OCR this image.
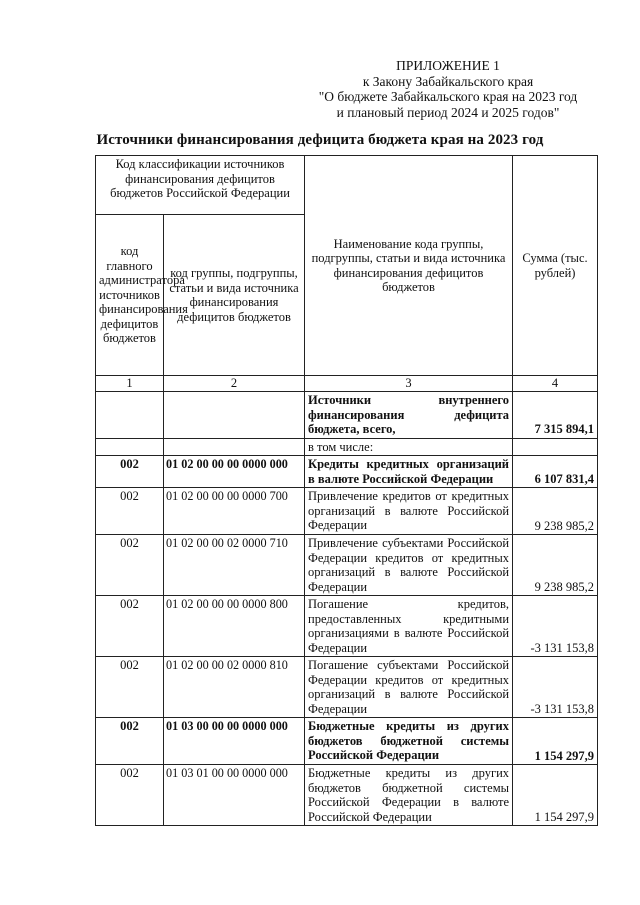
ПРИЛОЖЕНИЕ 1
к Закону Забайкальского края
"О бюджете Забайкальского края на 2023 год
и плановый период 2024 и 2025 годов"
Источники финансирования дефицита бюджета края на 2023 год
Код классификации источников финансирования дефицитов бюджетов Российской Федерации		Наименование кода группы, подгруппы, статьи и вида источника финансирования дефицитов бюджетов	Сумма (тыс. рублей)
код главного администратора источников финансирования дефицитов бюджетов	код группы, подгруппы, статьи и вида источника финансирования дефицитов бюджетов		
1	2	3	4
		Источники внутреннего финансирования дефицита бюджета, всего,	7 315 894,1
		в том числе:	
002	01 02 00 00 00 0000 000	Кредиты кредитных организаций в валюте Российской Федерации	6 107 831,4
002	01 02 00 00 00 0000 700	Привлечение кредитов от кредитных организаций в валюте Российской Федерации	9 238 985,2
002	01 02 00 00 02 0000 710	Привлечение субъектами Российской Федерации кредитов от кредитных организаций в валюте Российской Федерации	9 238 985,2
002	01 02 00 00 00 0000 800	Погашение кредитов, предоставленных кредитными организациями в валюте Российской Федерации	-3 131 153,8
002	01 02 00 00 02 0000 810	Погашение субъектами Российской Федерации кредитов от кредитных организаций в валюте Российской Федерации	-3 131 153,8
002	01 03 00 00 00 0000 000	Бюджетные кредиты из других бюджетов бюджетной системы Российской Федерации	1 154 297,9
002	01 03 01 00 00 0000 000	Бюджетные кредиты из других бюджетов бюджетной системы Российской Федерации в валюте Российской Федерации	1 154 297,9
